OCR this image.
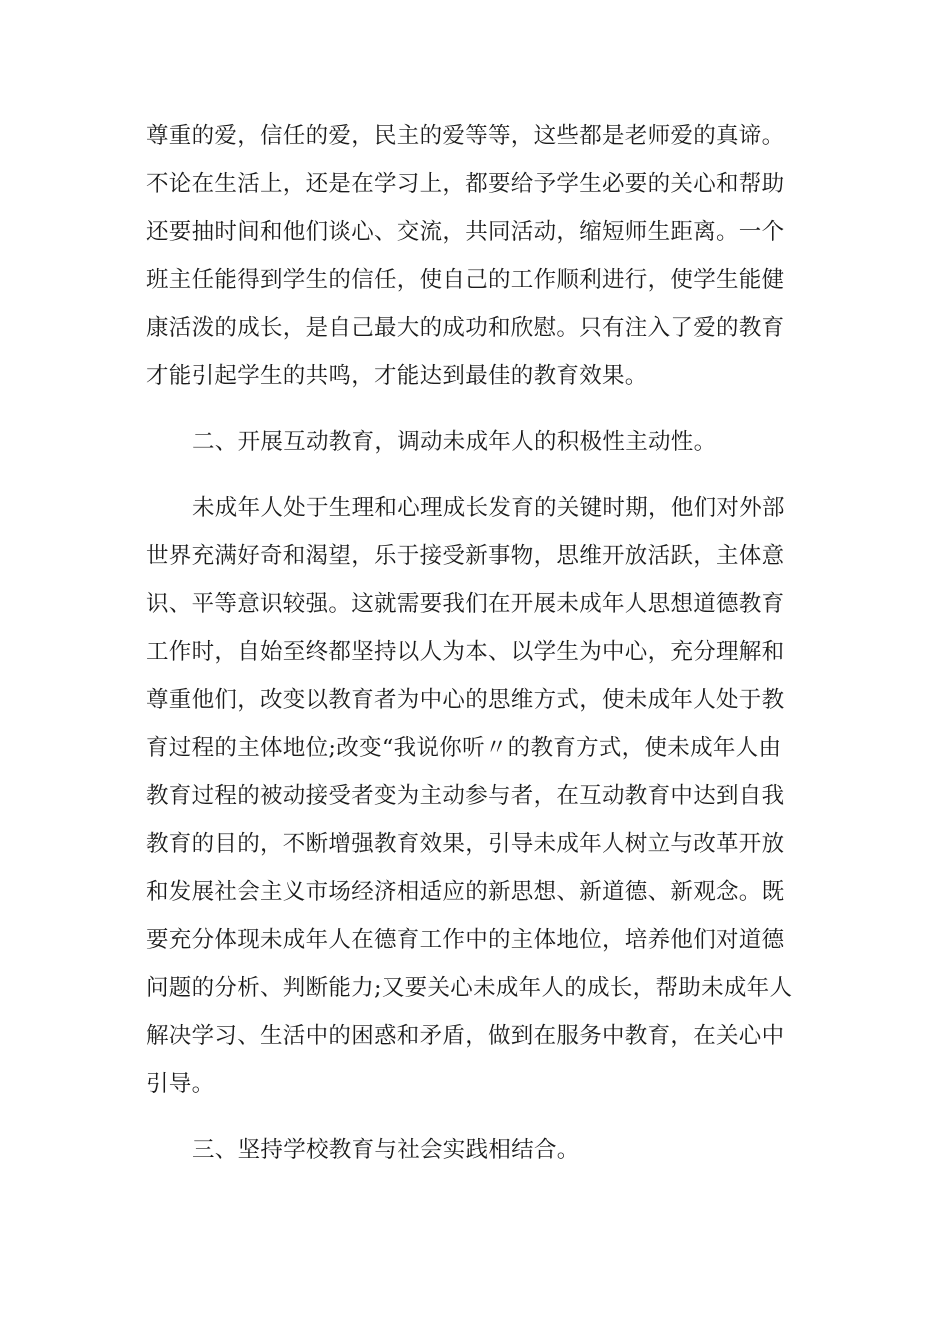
尊重的爱，信任的爱，民主的爱等等，这些都是老师爱的真谛。
不论在生活上，还是在学习上，都要给予学生必要的关心和帮助
还要抽时间和他们谈心、交流，共同活动，缩短师生距离。一个
班主任能得到学生的信任，使自己的工作顺利进行，使学生能健
康活泼的成长，是自己最大的成功和欣慰。只有注入了爱的教育
才能引起学生的共鸣，才能达到最佳的教育效果。
二、开展互动教育，调动未成年人的积极性主动性。
未成年人处于生理和心理成长发育的关键时期，他们对外部
世界充满好奇和渴望，乐于接受新事物，思维开放活跃，主体意
识、平等意识较强。这就需要我们在开展未成年人思想道德教育
工作时，自始至终都坚持以人为本、以学生为中心，充分理解和
尊重他们，改变以教育者为中心的思维方式，使未成年人处于教
育过程的主体地位;改变“我说你听〃的教育方式，使未成年人由
教育过程的被动接受者变为主动参与者，在互动教育中达到自我
教育的目的，不断增强教育效果，引导未成年人树立与改革开放
和发展社会主义市场经济相适应的新思想、新道德、新观念。既
要充分体现未成年人在德育工作中的主体地位，培养他们对道德
问题的分析、判断能力;又要关心未成年人的成长，帮助未成年人
解决学习、生活中的困惑和矛盾，做到在服务中教育，在关心中
引导。
三、坚持学校教育与社会实践相结合。
